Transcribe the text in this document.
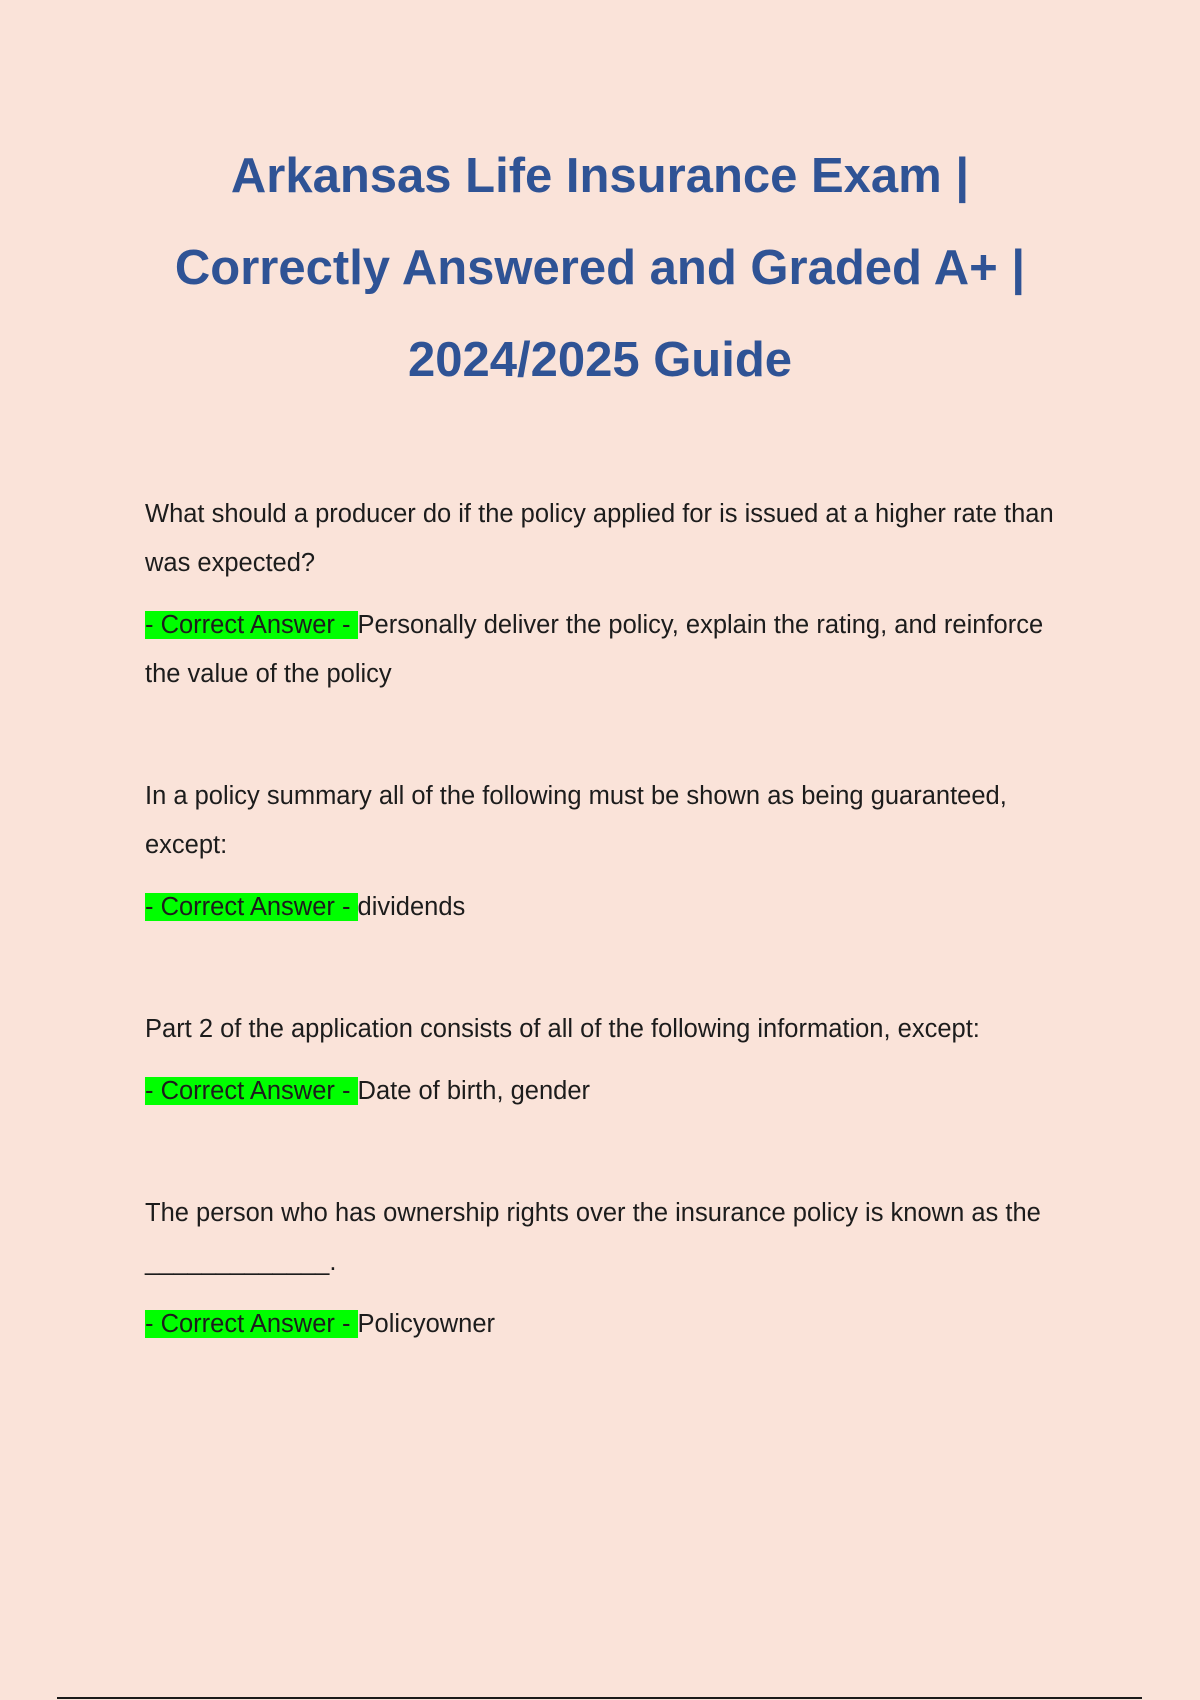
Arkansas Life Insurance Exam |
Correctly Answered and Graded A+ |
2024/2025 Guide

What should a producer do if the policy applied for is issued at a higher rate than was expected?

- Correct Answer - Personally deliver the policy, explain the rating, and reinforce the value of the policy

In a policy summary all of the following must be shown as being guaranteed, except:

- Correct Answer - dividends

Part 2 of the application consists of all of the following information, except:

- Correct Answer - Date of birth, gender

The person who has ownership rights over the insurance policy is known as the _____________.

- Correct Answer - Policyowner
